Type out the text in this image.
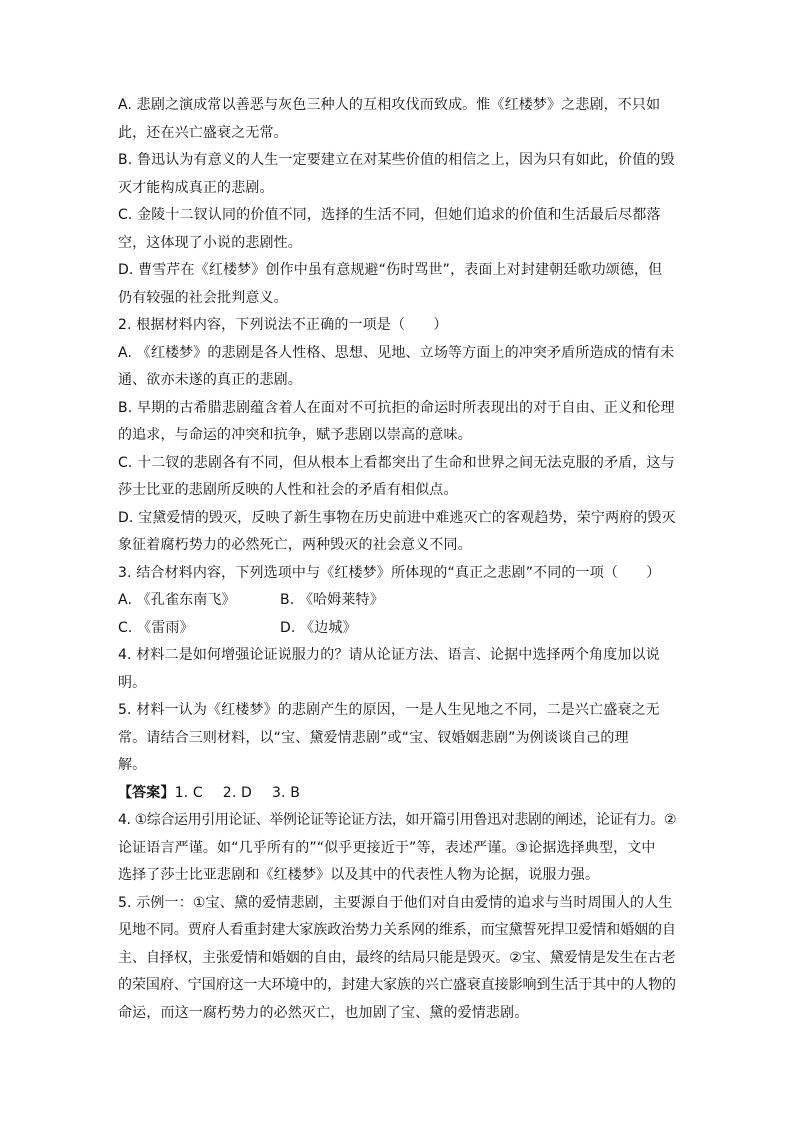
A. 悲剧之演成常以善恶与灰色三种人的互相攻伐而致成。惟《红楼梦》之悲剧，不只如
此，还在兴亡盛衰之无常。
B. 鲁迅认为有意义的人生一定要建立在对某些价值的相信之上，因为只有如此，价值的毁
灭才能构成真正的悲剧。
C. 金陵十二钗认同的价值不同，选择的生活不同，但她们追求的价值和生活最后尽都落
空，这体现了小说的悲剧性。
D. 曹雪芹在《红楼梦》创作中虽有意规避“伤时骂世”，表面上对封建朝廷歌功颂德，但
仍有较强的社会批判意义。
2. 根据材料内容，下列说法不正确的一项是（　　）
A. 《红楼梦》的悲剧是各人性格、思想、见地、立场等方面上的冲突矛盾所造成的情有未
通、欲亦未遂的真正的悲剧。
B. 早期的古希腊悲剧蕴含着人在面对不可抗拒的命运时所表现出的对于自由、正义和伦理
的追求，与命运的冲突和抗争，赋予悲剧以崇高的意味。
C. 十二钗的悲剧各有不同，但从根本上看都突出了生命和世界之间无法克服的矛盾，这与
莎士比亚的悲剧所反映的人性和社会的矛盾有相似点。
D. 宝黛爱情的毁灭，反映了新生事物在历史前进中难逃灭亡的客观趋势，荣宁两府的毁灭
象征着腐朽势力的必然死亡，两种毁灭的社会意义不同。
3. 结合材料内容，下列选项中与《红楼梦》所体现的“真正之悲剧”不同的一项（　　）
A. 《孔雀东南飞》	B. 《哈姆莱特》
C. 《雷雨》	D. 《边城》
4. 材料二是如何增强论证说服力的？请从论证方法、语言、论据中选择两个角度加以说
明。
5. 材料一认为《红楼梦》的悲剧产生的原因，一是人生见地之不同，二是兴亡盛衰之无
常。请结合三则材料，以“宝、黛爱情悲剧”或“宝、钗婚姻悲剧”为例谈谈自己的理
解。
【答案】1. C 2. D 3. B
4. ①综合运用引用论证、举例论证等论证方法，如开篇引用鲁迅对悲剧的阐述，论证有力。②
论证语言严谨。如“几乎所有的”“似乎更接近于”等，表述严谨。③论据选择典型，文中
选择了莎士比亚悲剧和《红楼梦》以及其中的代表性人物为论据，说服力强。
5. 示例一：①宝、黛的爱情悲剧，主要源自于他们对自由爱情的追求与当时周围人的人生
见地不同。贾府人看重封建大家族政治势力关系网的维系，而宝黛誓死捍卫爱情和婚姻的自
主、自择权，主张爱情和婚姻的自由，最终的结局只能是毁灭。②宝、黛爱情是发生在古老
的荣国府、宁国府这一大环境中的，封建大家族的兴亡盛衰直接影响到生活于其中的人物的
命运，而这一腐朽势力的必然灭亡，也加剧了宝、黛的爱情悲剧。
